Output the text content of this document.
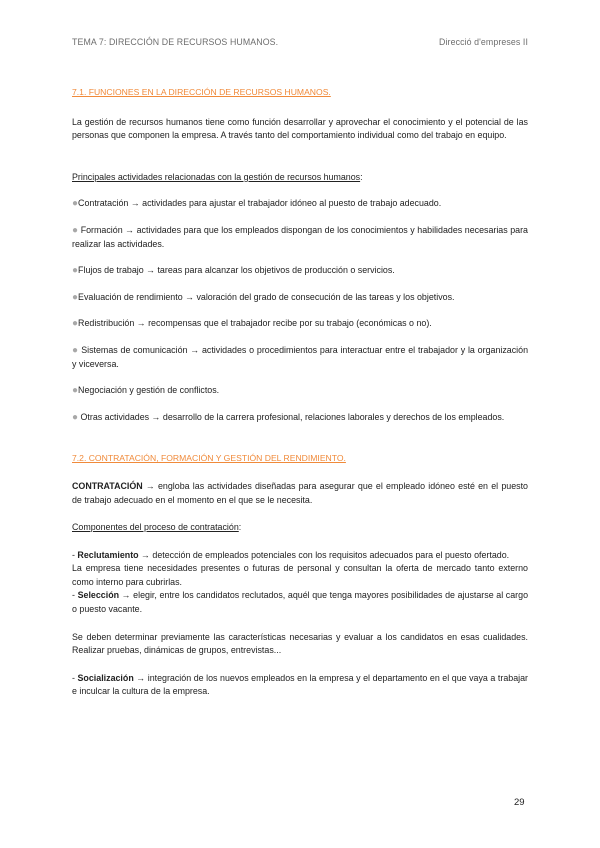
TEMA 7: DIRECCIÓN DE RECURSOS HUMANOS.	Direcció d'empreses II

7.1. FUNCIONES EN LA DIRECCIÓN DE RECURSOS HUMANOS.

La gestión de recursos humanos tiene como función desarrollar y aprovechar el conocimiento y el potencial de las personas que componen la empresa. A través tanto del comportamiento individual como del trabajo en equipo.

Principales actividades relacionadas con la gestión de recursos humanos:

●Contratación → actividades para ajustar el trabajador idóneo al puesto de trabajo adecuado.

● Formación → actividades para que los empleados dispongan de los conocimientos y habilidades necesarias para realizar las actividades.

●Flujos de trabajo → tareas para alcanzar los objetivos de producción o servicios.

●Evaluación de rendimiento → valoración del grado de consecución de las tareas y los objetivos.

●Redistribución → recompensas que el trabajador recibe por su trabajo (económicas o no).

● Sistemas de comunicación → actividades o procedimientos para interactuar entre el trabajador y la organización y viceversa.

●Negociación y gestión de conflictos.

● Otras actividades → desarrollo de la carrera profesional, relaciones laborales y derechos de los empleados.

7.2. CONTRATACIÓN, FORMACIÓN Y GESTIÓN DEL RENDIMIENTO.

CONTRATACIÓN → engloba las actividades diseñadas para asegurar que el empleado idóneo esté en el puesto de trabajo adecuado en el momento en el que se le necesita.

Componentes del proceso de contratación:

- Reclutamiento → detección de empleados potenciales con los requisitos adecuados para el puesto ofertado.

La empresa tiene necesidades presentes o futuras de personal y consultan la oferta de mercado tanto externo como interno para cubrirlas.

- Selección → elegir, entre los candidatos reclutados, aquél que tenga mayores posibilidades de ajustarse al cargo o puesto vacante.

Se deben determinar previamente las características necesarias y evaluar a los candidatos en esas cualidades. Realizar pruebas, dinámicas de grupos, entrevistas...

- Socialización → integración de los nuevos empleados en la empresa y el departamento en el que vaya a trabajar e inculcar la cultura de la empresa.

29
